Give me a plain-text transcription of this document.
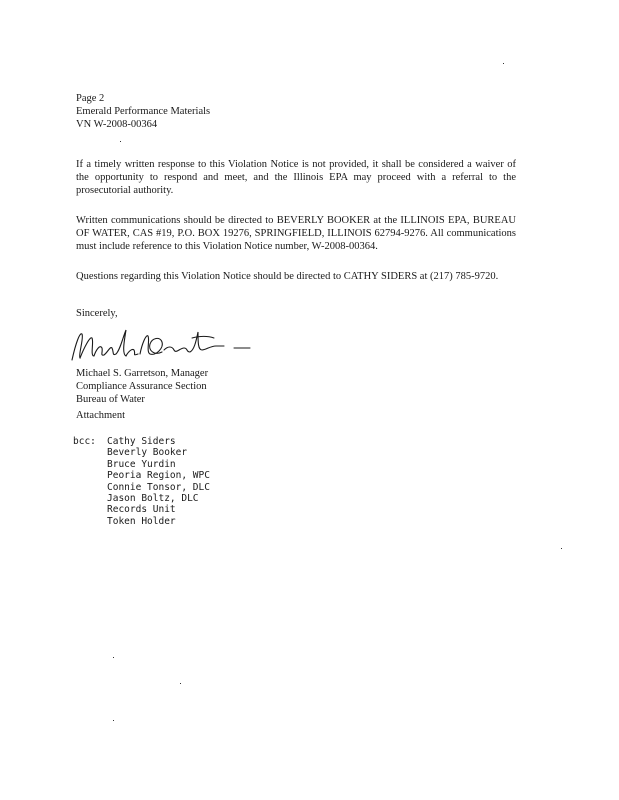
Page 2
Emerald Performance Materials
VN W-2008-00364

If a timely written response to this Violation Notice is not provided, it shall be considered a waiver of the opportunity to respond and meet, and the Illinois EPA may proceed with a referral to the prosecutorial authority.

Written communications should be directed to BEVERLY BOOKER at the ILLINOIS EPA, BUREAU OF WATER, CAS #19, P.O. BOX 19276, SPRINGFIELD, ILLINOIS 62794-9276. All communications must include reference to this Violation Notice number, W-2008-00364.

Questions regarding this Violation Notice should be directed to CATHY SIDERS at (217) 785-9720.

Sincerely,
Michael S. Garretson, Manager
Compliance Assurance Section
Bureau of Water
Attachment
bcc: Cathy Siders
Beverly Booker
Bruce Yurdin
Peoria Region, WPC
Connie Tonsor, DLC
Jason Boltz, DLC
Records Unit
Token Holder
